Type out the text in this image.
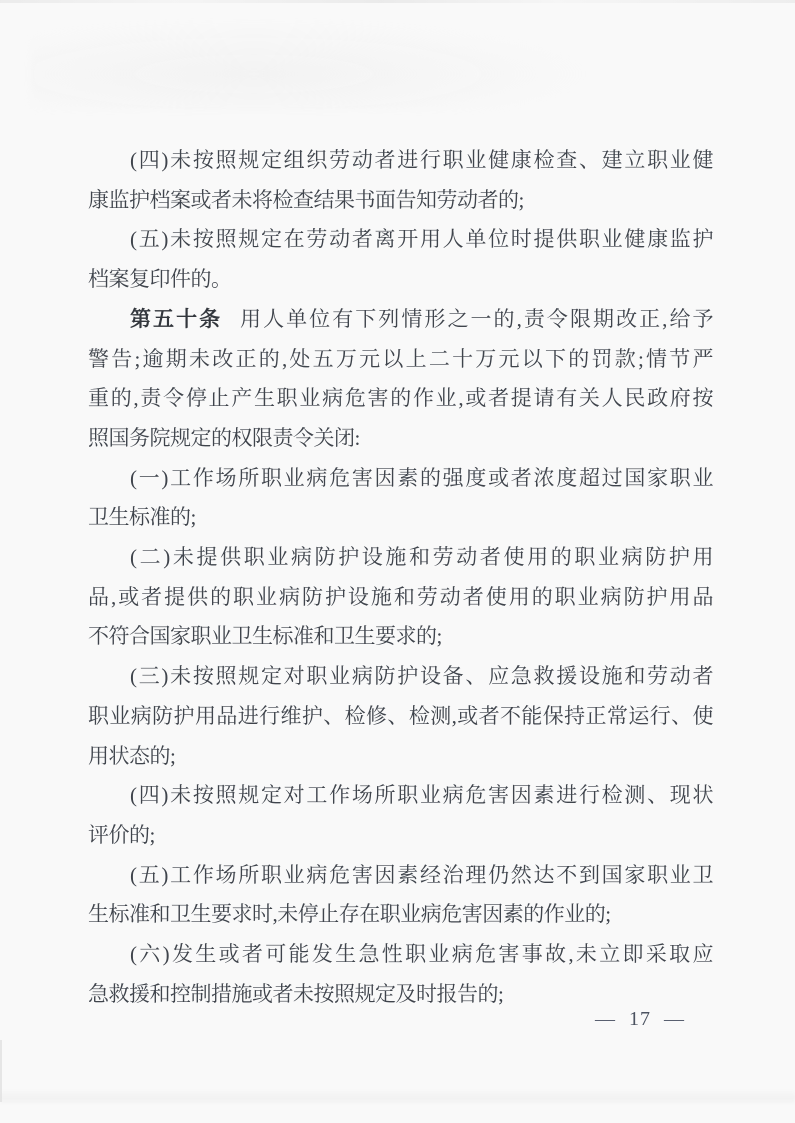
(四)未按照规定组织劳动者进行职业健康检查、建立职业健
康监护档案或者未将检查结果书面告知劳动者的;
(五)未按照规定在劳动者离开用人单位时提供职业健康监护
档案复印件的。
第五十条 用人单位有下列情形之一的,责令限期改正,给予
警告;逾期未改正的,处五万元以上二十万元以下的罚款;情节严
重的,责令停止产生职业病危害的作业,或者提请有关人民政府按
照国务院规定的权限责令关闭:
(一)工作场所职业病危害因素的强度或者浓度超过国家职业
卫生标准的;
(二)未提供职业病防护设施和劳动者使用的职业病防护用
品,或者提供的职业病防护设施和劳动者使用的职业病防护用品
不符合国家职业卫生标准和卫生要求的;
(三)未按照规定对职业病防护设备、应急救援设施和劳动者
职业病防护用品进行维护、检修、检测,或者不能保持正常运行、使
用状态的;
(四)未按照规定对工作场所职业病危害因素进行检测、现状
评价的;
(五)工作场所职业病危害因素经治理仍然达不到国家职业卫
生标准和卫生要求时,未停止存在职业病危害因素的作业的;
(六)发生或者可能发生急性职业病危害事故,未立即采取应
急救援和控制措施或者未按照规定及时报告的;
— 17 —
